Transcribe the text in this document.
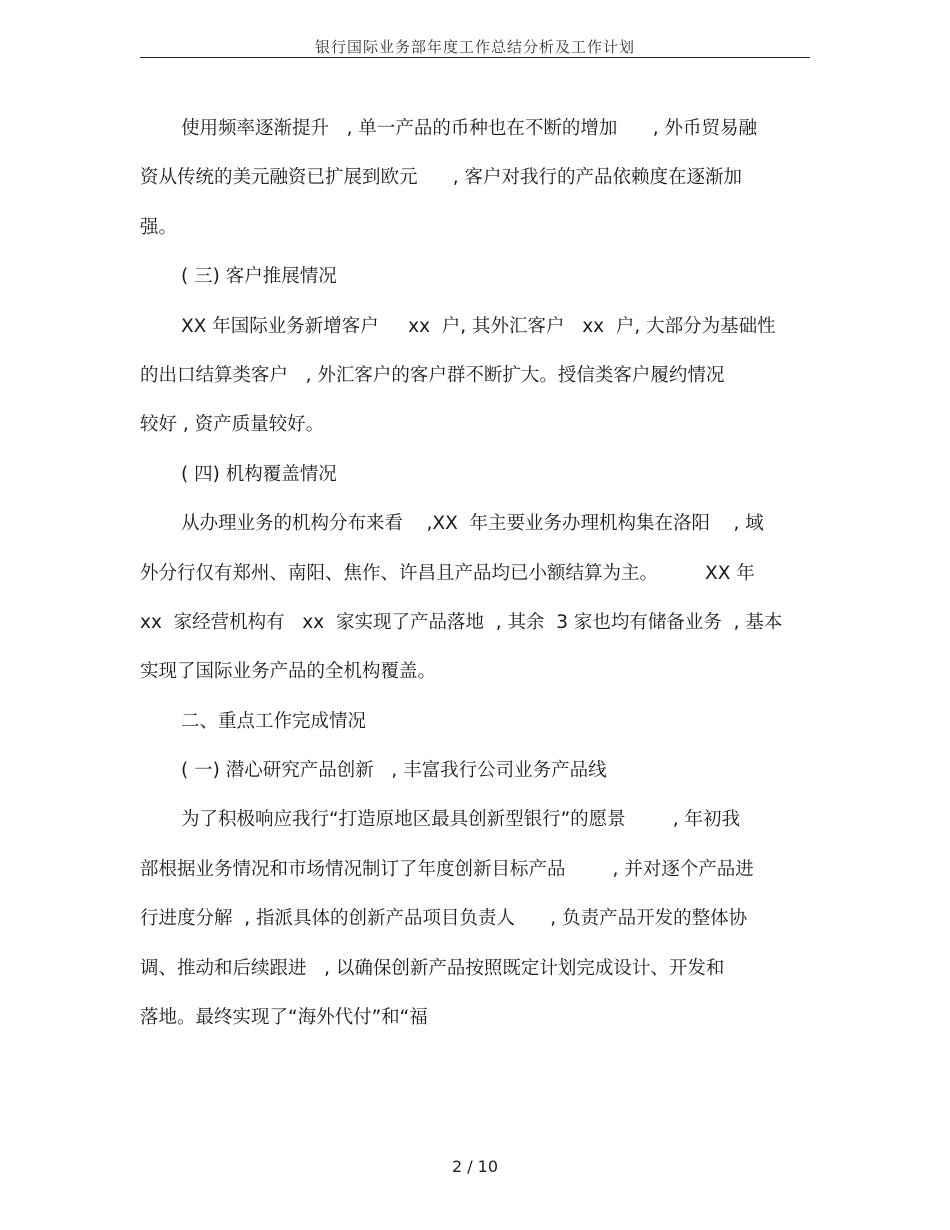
银行国际业务部年度工作总结分析及工作计划
使用频率逐渐提升   , 单一产品的币种也在不断的增加      , 外币贸易融
资从传统的美元融资已扩展到欧元      , 客户对我行的产品依赖度在逐渐加
强。
( 三) 客户推展情况
XX 年国际业务新增客户     xx  户, 其外汇客户   xx  户, 大部分为基础性
的出口结算类客户   , 外汇客户的客户群不断扩大。授信类客户履约情况
较好 , 资产质量较好。
( 四) 机构覆盖情况
从办理业务的机构分布来看    ,XX  年主要业务办理机构集在洛阳    , 域
外分行仅有郑州、南阳、焦作、许昌且产品均已小额结算为主。        XX 年
xx  家经营机构有   xx  家实现了产品落地  , 其余  3 家也均有储备业务  , 基本
实现了国际业务产品的全机构覆盖。
二、重点工作完成情况
( 一) 潜心研究产品创新   , 丰富我行公司业务产品线
为了积极响应我行“打造原地区最具创新型银行”的愿景        , 年初我
部根据业务情况和市场情况制订了年度创新目标产品        , 并对逐个产品进
行进度分解  , 指派具体的创新产品项目负责人      , 负责产品开发的整体协
调、推动和后续跟进   , 以确保创新产品按照既定计划完成设计、开发和
落地。最终实现了“海外代付”和“福
2 / 10
